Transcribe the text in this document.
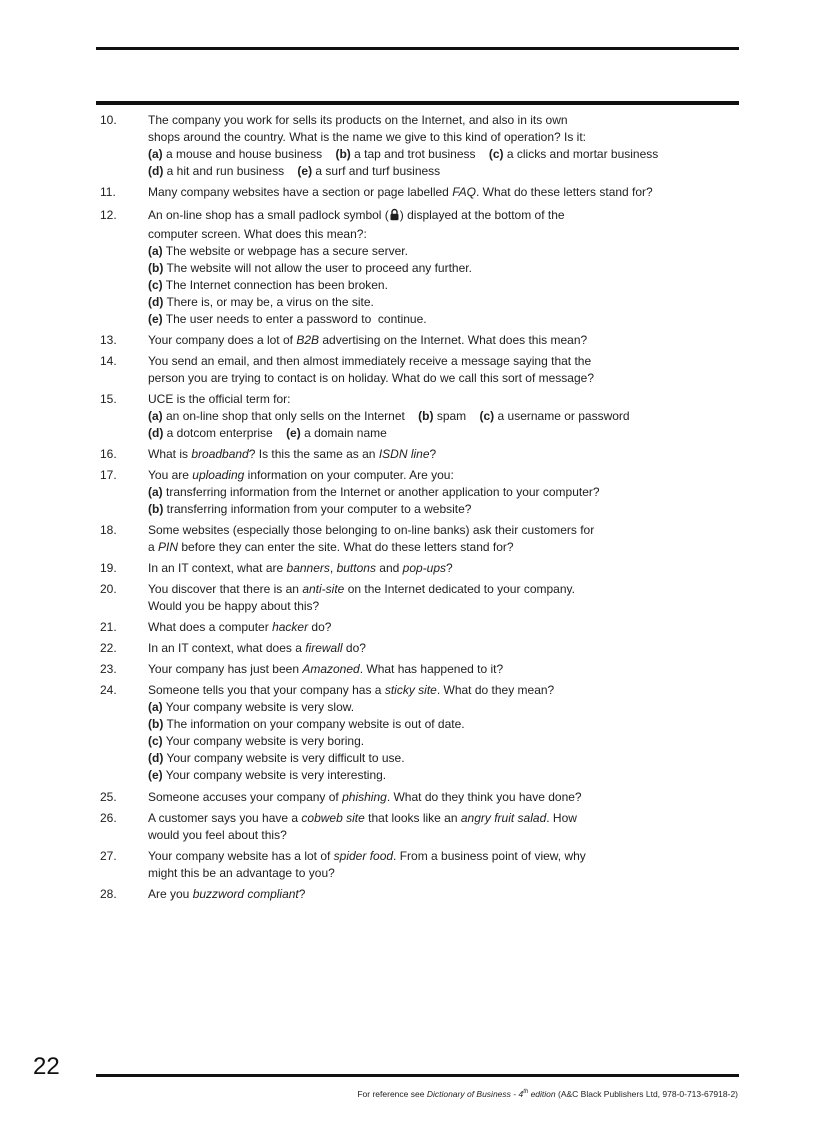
10.	The company you work for sells its products on the Internet, and also in its own
shops around the country. What is the name we give to this kind of operation? Is it:
(a) a mouse and house business    (b) a tap and trot business    (c) a clicks and mortar business
(d) a hit and run business    (e) a surf and turf business
11.	Many company websites have a section or page labelled FAQ. What do these letters stand for?
12.	An on-line shop has a small padlock symbol ( ) displayed at the bottom of the
computer screen. What does this mean?:
(a) The website or webpage has a secure server.
(b) The website will not allow the user to proceed any further.
(c) The Internet connection has been broken.
(d) There is, or may be, a virus on the site.
(e) The user needs to enter a password to  continue.
13.	Your company does a lot of B2B advertising on the Internet. What does this mean?
14.	You send an email, and then almost immediately receive a message saying that the
person you are trying to contact is on holiday. What do we call this sort of message?
15.	UCE is the official term for:
(a) an on-line shop that only sells on the Internet    (b) spam    (c) a username or password
(d) a dotcom enterprise    (e) a domain name
16.	What is broadband? Is this the same as an ISDN line?
17.	You are uploading information on your computer. Are you:
(a) transferring information from the Internet or another application to your computer?
(b) transferring information from your computer to a website?
18.	Some websites (especially those belonging to on-line banks) ask their customers for
a PIN before they can enter the site. What do these letters stand for?
19.	In an IT context, what are banners, buttons and pop-ups?
20.	You discover that there is an anti-site on the Internet dedicated to your company.
Would you be happy about this?
21.	What does a computer hacker do?
22.	In an IT context, what does a firewall do?
23.	Your company has just been Amazoned. What has happened to it?
24.	Someone tells you that your company has a sticky site. What do they mean?
(a) Your company website is very slow.
(b) The information on your company website is out of date.
(c) Your company website is very boring.
(d) Your company website is very difficult to use.
(e) Your company website is very interesting.
25.	Someone accuses your company of phishing. What do they think you have done?
26.	A customer says you have a cobweb site that looks like an angry fruit salad. How
would you feel about this?
27.	Your company website has a lot of spider food. From a business point of view, why
might this be an advantage to you?
28.	Are you buzzword compliant?
22
For reference see Dictionary of Business - 4th edition (A&C Black Publishers Ltd, 978-0-713-67918-2)
